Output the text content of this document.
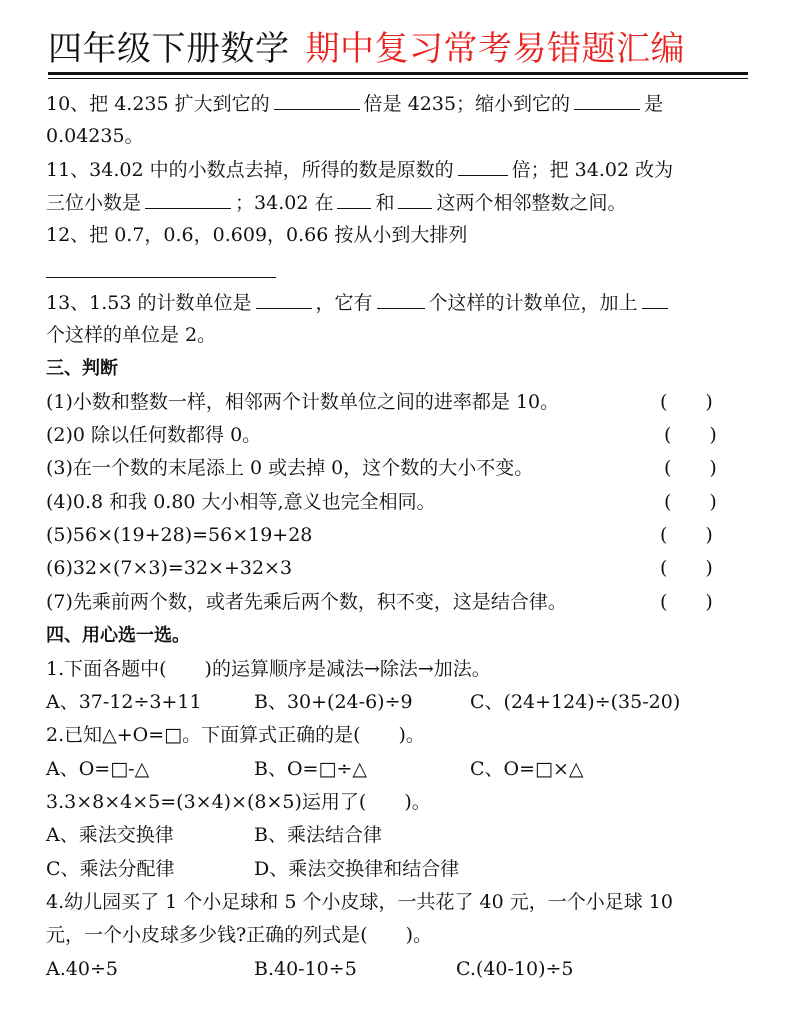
四年级下册数学 期中复习常考易错题汇编
10、把 4.235 扩大到它的	倍是 4235；缩小到它的	是
0.04235。
11、34.02 中的小数点去掉，所得的数是原数的	倍；把 34.02 改为
三位小数是	；34.02 在 和 这两个相邻整数之间。
12、把 0.7，0.6，0.609，0.66 按从小到大排列
13、1.53 的计数单位是	，它有	个这样的计数单位，加上
个这样的单位是 2。
三、判断
(1)小数和整数一样，相邻两个计数单位之间的进率都是 10。	(　　)
(2)0 除以任何数都得 0。	(　　)
(3)在一个数的末尾添上 0 或去掉 0，这个数的大小不变。	(　　)
(4)0.8 和我 0.80 大小相等,意义也完全相同。	(　　)
(5)56×(19+28)=56×19+28	(　　)
(6)32×(7×3)=32×+32×3	(　　)
(7)先乘前两个数，或者先乘后两个数，积不变，这是结合律。	(　　)
四、用心选一选。
1.下面各题中(　　)的运算顺序是减法→除法→加法。
A、37-12÷3+11	B、30+(24-6)÷9	C、(24+124)÷(35-20)
2.已知△+O=□。下面算式正确的是(　　)。
A、O=□-△	B、O=□÷△	C、O=□×△
3.3×8×4×5=(3×4)×(8×5)运用了(　　)。
A、乘法交换律	B、乘法结合律
C、乘法分配律	D、乘法交换律和结合律
4.幼儿园买了 1 个小足球和 5 个小皮球，一共花了 40 元，一个小足球 10
元，一个小皮球多少钱?正确的列式是(　　)。
A.40÷5	B.40-10÷5	C.(40-10)÷5
